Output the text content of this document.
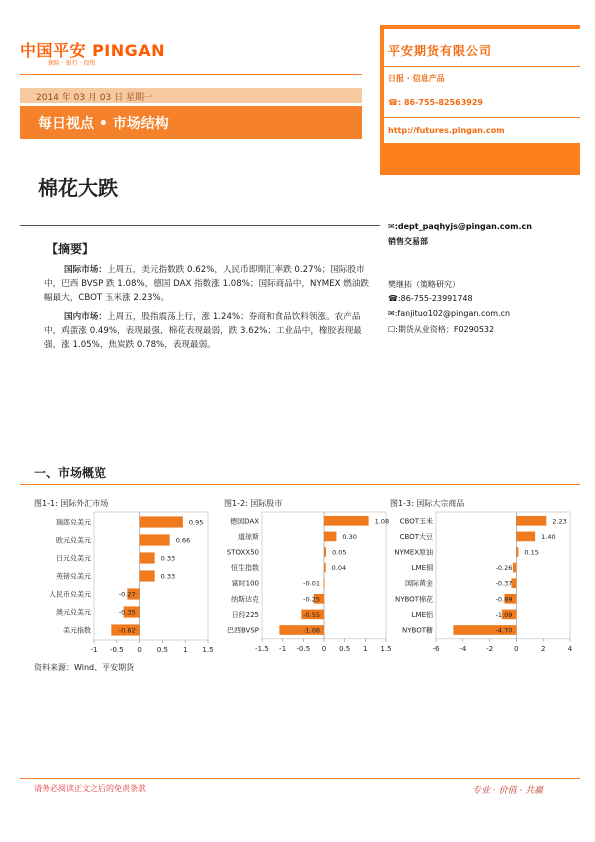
中国平安 PINGAN
保险 · 银行 · 投资
2014 年 03 月 03 日 星期一
每日视点 • 市场结构
平安期货有限公司
日报 · 信息产品
☎: 86-755-82563929
http://futures.pingan.com
棉花大跌
✉:dept_paqhyjs@pingan.com.cn
销售交易部
樊继拓（策略研究）
☎:86-755-23991748
✉:fanjituo102@pingan.com.cn
☐:期货从业资格：F0290532
【摘要】
国际市场：上周五，美元指数跌 0.62%，人民币即期汇率跌 0.27%；国际股市中，巴西 BVSP 跌 1.08%，德国 DAX 指数涨 1.08%；国际商品中，NYMEX 燃油跌幅最大，CBOT 玉米涨 2.23%。
国内市场：上周五，股指震荡上行，涨 1.24%；券商和食品饮料领涨。农产品中，鸡蛋涨 0.49%，表现最强，棉花表现最弱，跌 3.62%；工业品中，橡胶表现最强，涨 1.05%，焦炭跌 0.78%，表现最弱。
一、市场概览
图1-1: 国际外汇市场	图1-2: 国际股市	图1-3: 国际大宗商品
瑞郎兑美元	0.95
欧元兑美元	0.66
日元兑美元	0.33
英镑兑美元	0.33
人民币兑美元	-0.27
澳元兑美元	-0.35
美元指数	-0.62
-1 -0.5 0 0.5 1 1.5
德国DAX	1.08
道琼斯	0.30
STOXX50	0.05
恒生指数	0.04
富时100	-0.01
纳斯达克	-0.25
日经225	-0.55
巴西BVSP	-1.08
-1.5 -1 -0.5 0 0.5 1 1.5
CBOT玉米	2.23
CBOT大豆	1.40
NYMEX原油	0.15
LME铜	-0.26
国际黄金	-0.37
NYBOT棉花	-0.89
LME铝	-1.09
NYBOT糖	-4.70
-6	-4	-2	0	2	4
资料来源：Wind、平安期货
请务必阅读正文之后的免责条款	专业 · 价值 · 共赢
